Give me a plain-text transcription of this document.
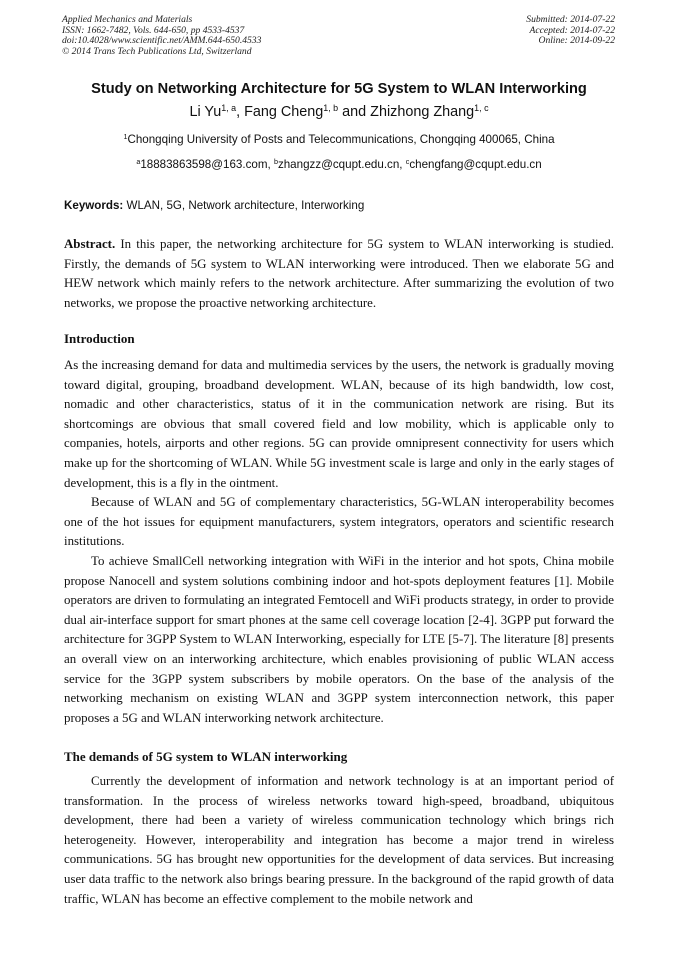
Applied Mechanics and Materials
ISSN: 1662-7482, Vols. 644-650, pp 4533-4537
doi:10.4028/www.scientific.net/AMM.644-650.4533
© 2014 Trans Tech Publications Ltd, Switzerland
Submitted: 2014-07-22
Accepted: 2014-07-22
Online: 2014-09-22
Study on Networking Architecture for 5G System to WLAN Interworking
Li Yu$^{1, a}$, Fang Cheng$^{1, b}$ and Zhizhong Zhang$^{1, c}$
$^1$Chongqing University of Posts and Telecommunications, Chongqing 400065, China
$^a$18883863598@163.com, $^b$zhangzz@cqupt.edu.cn, $^c$chengfang@cqupt.edu.cn
Keywords: WLAN, 5G, Network architecture, Interworking

Abstract. In this paper, the networking architecture for 5G system to WLAN interworking is studied. Firstly, the demands of 5G system to WLAN interworking were introduced. Then we elaborate 5G and HEW network which mainly refers to the network architecture. After summarizing the evolution of two networks, we propose the proactive networking architecture.

Introduction

As the increasing demand for data and multimedia services by the users, the network is gradually moving toward digital, grouping, broadband development. WLAN, because of its high bandwidth, low cost, nomadic and other characteristics, status of it in the communication network are rising. But its shortcomings are obvious that small covered field and low mobility, which is applicable only to companies, hotels, airports and other regions. 5G can provide omnipresent connectivity for users which make up for the shortcoming of WLAN. While 5G investment scale is large and only in the early stages of development, this is a fly in the ointment.

Because of WLAN and 5G of complementary characteristics, 5G-WLAN interoperability becomes one of the hot issues for equipment manufacturers, system integrators, operators and scientific research institutions.

To achieve SmallCell networking integration with WiFi in the interior and hot spots, China mobile propose Nanocell and system solutions combining indoor and hot-spots deployment features [1]. Mobile operators are driven to formulating an integrated Femtocell and WiFi products strategy, in order to provide dual air-interface support for smart phones at the same cell coverage location [2-4]. 3GPP put forward the architecture for 3GPP System to WLAN Interworking, especially for LTE [5-7]. The literature [8] presents an overall view on an interworking architecture, which enables provisioning of public WLAN access service for the 3GPP system subscribers by mobile operators. On the base of the analysis of the networking mechanism on existing WLAN and 3GPP system interconnection network, this paper proposes a 5G and WLAN interworking network architecture.

The demands of 5G system to WLAN interworking

Currently the development of information and network technology is at an important period of transformation. In the process of wireless networks toward high-speed, broadband, ubiquitous development, there had been a variety of wireless communication technology which brings rich heterogeneity. However, interoperability and integration has become a major trend in wireless communications. 5G has brought new opportunities for the development of data services. But increasing user data traffic to the network also brings bearing pressure. In the background of the rapid growth of data traffic, WLAN has become an effective complement to the mobile network and
